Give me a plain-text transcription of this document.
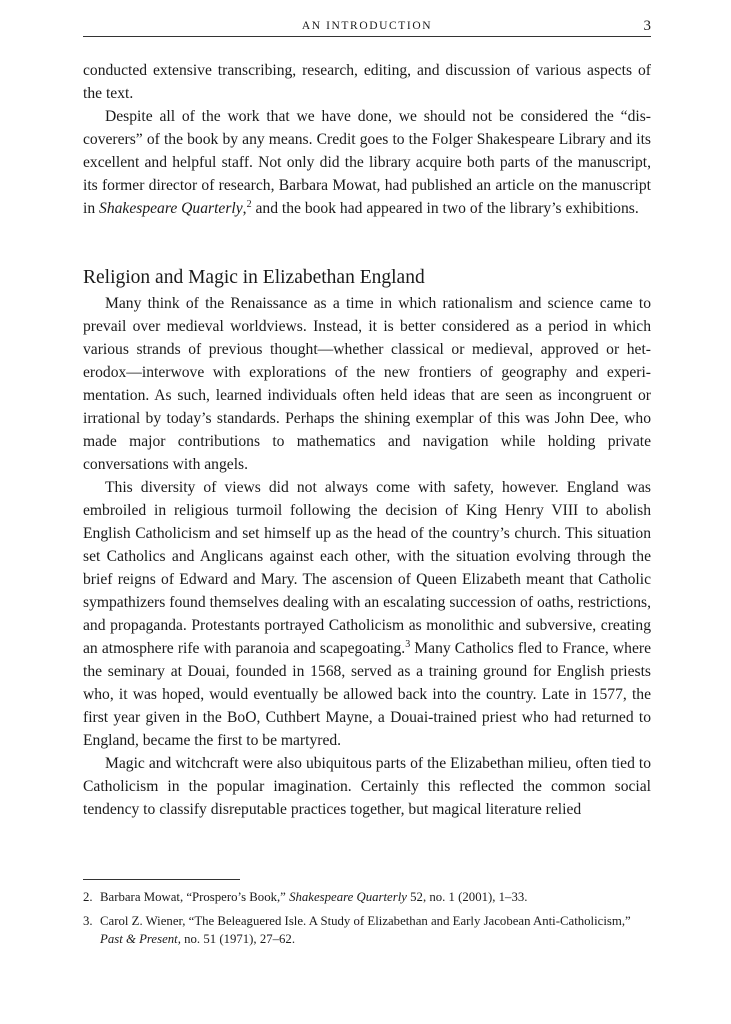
AN INTRODUCTION	3

conducted extensive transcribing, research, editing, and discussion of various aspects of the text.

Despite all of the work that we have done, we should not be considered the “discoverers” of the book by any means. Credit goes to the Folger Shakespeare Library and its excellent and helpful staff. Not only did the library acquire both parts of the manuscript, its former director of research, Barbara Mowat, had published an article on the manuscript in Shakespeare Quarterly,$^2$ and the book had appeared in two of the library’s exhibitions.

Religion and Magic in Elizabethan England

Many think of the Renaissance as a time in which rationalism and science came to prevail over medieval worldviews. Instead, it is better considered as a period in which various strands of previous thought—whether classical or medieval, approved or heterodox—interwove with explorations of the new frontiers of geography and experimentation. As such, learned individuals often held ideas that are seen as incongruent or irrational by today’s standards. Perhaps the shining exemplar of this was John Dee, who made major contributions to mathematics and navigation while holding private conversations with angels.

This diversity of views did not always come with safety, however. England was embroiled in religious turmoil following the decision of King Henry VIII to abolish English Catholicism and set himself up as the head of the country’s church. This situation set Catholics and Anglicans against each other, with the situation evolving through the brief reigns of Edward and Mary. The ascension of Queen Elizabeth meant that Catholic sympathizers found themselves dealing with an escalating succession of oaths, restrictions, and propaganda. Protestants portrayed Catholicism as monolithic and subversive, creating an atmosphere rife with paranoia and scapegoating.$^3$ Many Catholics fled to France, where the seminary at Douai, founded in 1568, served as a training ground for English priests who, it was hoped, would eventually be allowed back into the country. Late in 1577, the first year given in the BoO, Cuthbert Mayne, a Douai-trained priest who had returned to England, became the first to be martyred.

Magic and witchcraft were also ubiquitous parts of the Elizabethan milieu, often tied to Catholicism in the popular imagination. Certainly this reflected the common social tendency to classify disreputable practices together, but magical literature relied

2. Barbara Mowat, “Prospero’s Book,” Shakespeare Quarterly 52, no. 1 (2001), 1–33.
3. Carol Z. Wiener, “The Beleaguered Isle. A Study of Elizabethan and Early Jacobean Anti-Catholicism,” Past & Present, no. 51 (1971), 27–62.
